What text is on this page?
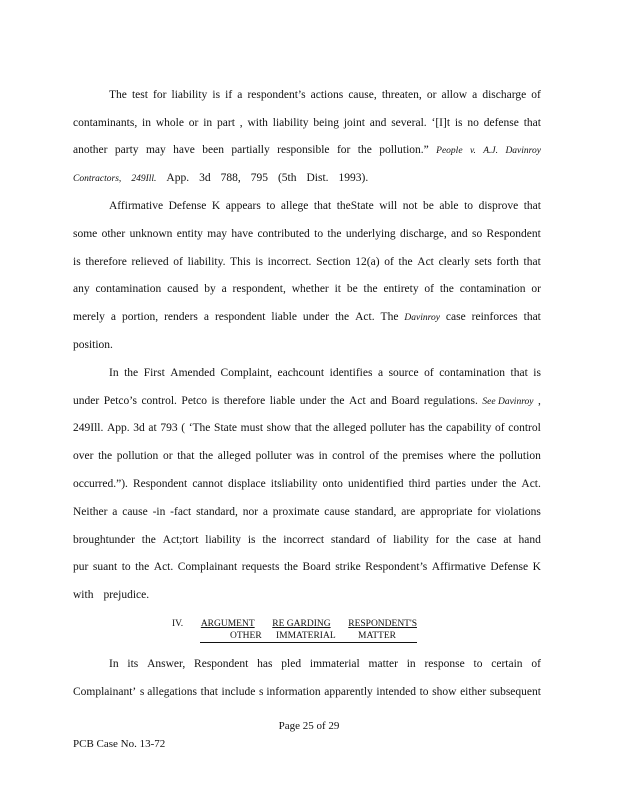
The test for liability is if a respondent’s actions cause, threaten, or allow a discharge of
contaminants, in whole or in part , with liability being joint and several. ‘[I]t is no defense that
another party may have been partially responsible for the pollution.” People v. A.J. Davinroy
Contractors, 249Ill. App. 3d 788, 795 (5th Dist. 1993).
Affirmative Defense K appears to allege that theState will not be able to disprove that
some other unknown entity may have contributed to the underlying discharge, and so Respondent
is therefore relieved of liability. This is incorrect. Section 12(a) of the Act clearly sets forth that
any contamination caused by a respondent, whether it be the entirety of the contamination or
merely a portion, renders a respondent liable under the Act. The Davinroy case reinforces that
position.
In the First Amended Complaint, eachcount identifies a source of contamination that is
under Petco’s control. Petco is therefore liable under the Act and Board regulations. See Davinroy ,
249Ill. App. 3d at 793 ( ‘The State must show that the alleged polluter has the capability of control
over the pollution or that the alleged polluter was in control of the premises where the pollution
occurred.”). Respondent cannot displace itsliability onto unidentified third parties under the Act.
Neither a cause -in -fact standard, nor a proximate cause standard, are appropriate for violations
broughtunder the Act;tort liability is the incorrect standard of liability for the case at hand
pur suant to the Act. Complainant requests the Board strike Respondent’s Affirmative Defense K
with prejudice.
In its Answer, Respondent has pled immaterial matter in response to certain of
Complainant’ s allegations that include s information apparently intended to show either subsequent
IV. ARGUMENT RE GARDING RESPONDENT'S
OTHER IMMATERIAL MATTER
Page 25 of 29
PCB Case No. 13-72
